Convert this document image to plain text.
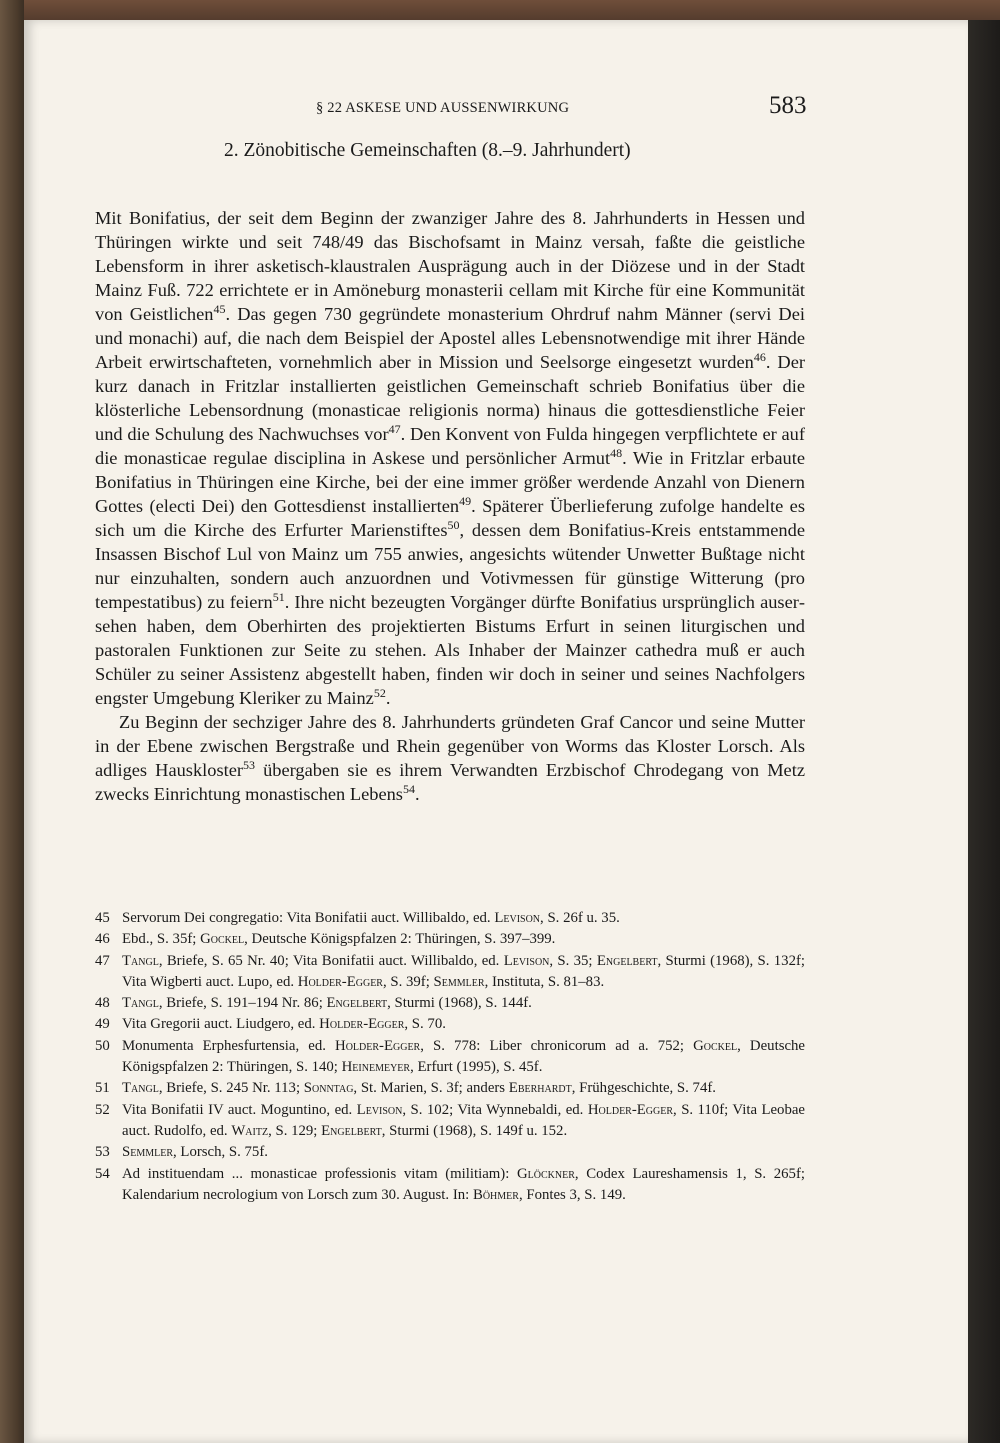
§ 22 ASKESE UND AUSSENWIRKUNG	583
2. Zönobitische Gemeinschaften (8.–9. Jahrhundert)

Mit Bonifatius, der seit dem Beginn der zwanziger Jahre des 8. Jahrhunderts in Hessen und Thüringen wirkte und seit 748/49 das Bischofsamt in Mainz versah, faßte die geistliche Lebensform in ihrer asketisch-klaustralen Ausprägung auch in der Diözese und in der Stadt Mainz Fuß. 722 errichtete er in Amöneburg monasterii cellam mit Kirche für eine Kommunität von Geistlichen$^{45}$. Das gegen 730 gegründete monasterium Ohrdruf nahm Männer (servi Dei und monachi) auf, die nach dem Beispiel der Apostel alles Lebensnotwendige mit ihrer Hände Arbeit erwirtschafteten, vornehmlich aber in Mission und Seelsorge eingesetzt wurden$^{46}$. Der kurz danach in Fritzlar installierten geistlichen Gemeinschaft schrieb Bonifatius über die klösterliche Lebensordnung (monasticae religionis norma) hinaus die gottesdienstliche Feier und die Schulung des Nachwuchses vor$^{47}$. Den Konvent von Fulda hingegen verpflichtete er auf die monasticae regulae disciplina in Askese und persönlicher Armut$^{48}$. Wie in Fritzlar erbaute Bonifatius in Thüringen eine Kirche, bei der eine immer größer werdende Anzahl von Dienern Gottes (electi Dei) den Gottesdienst installierten$^{49}$. Späterer Überlieferung zufolge handelte es sich um die Kirche des Erfurter Marienstiftes$^{50}$, dessen dem Bonifatius-Kreis entstammende Insassen Bischof Lul von Mainz um 755 anwies, angesichts wütender Unwetter Bußtage nicht nur einzuhalten, sondern auch anzuordnen und Votivmessen für günstige Witterung (pro tempestatibus) zu feiern$^{51}$. Ihre nicht bezeugten Vorgänger dürfte Bonifatius ursprünglich ausersehen haben, dem Oberhirten des projektierten Bistums Erfurt in seinen liturgischen und pastoralen Funktionen zur Seite zu stehen. Als Inhaber der Mainzer cathedra muß er auch Schüler zu seiner Assistenz abgestellt haben, finden wir doch in seiner und seines Nachfolgers engster Umgebung Kleriker zu Mainz$^{52}$.

Zu Beginn der sechziger Jahre des 8. Jahrhunderts gründeten Graf Cancor und seine Mutter in der Ebene zwischen Bergstraße und Rhein gegenüber von Worms das Kloster Lorsch. Als adliges Hauskloster$^{53}$ übergaben sie es ihrem Verwandten Erzbischof Chrodegang von Metz zwecks Einrichtung monastischen Lebens$^{54}$.

45 Servorum Dei congregatio: Vita Bonifatii auct. Willibaldo, ed. Levison, S. 26f u. 35.
46 Ebd., S. 35f; Gockel, Deutsche Königspfalzen 2: Thüringen, S. 397–399.
47 Tangl, Briefe, S. 65 Nr. 40; Vita Bonifatii auct. Willibaldo, ed. Levison, S. 35; Engelbert, Sturmi (1968), S. 132f; Vita Wigberti auct. Lupo, ed. Holder-Egger, S. 39f; Semmler, Instituta, S. 81–83.
48 Tangl, Briefe, S. 191–194 Nr. 86; Engelbert, Sturmi (1968), S. 144f.
49 Vita Gregorii auct. Liudgero, ed. Holder-Egger, S. 70.
50 Monumenta Erphesfurtensia, ed. Holder-Egger, S. 778: Liber chronicorum ad a. 752; Gockel, Deutsche Königspfalzen 2: Thüringen, S. 140; Heinemeyer, Erfurt (1995), S. 45f.
51 Tangl, Briefe, S. 245 Nr. 113; Sonntag, St. Marien, S. 3f; anders Eberhardt, Frühgeschichte, S. 74f.
52 Vita Bonifatii IV auct. Moguntino, ed. Levison, S. 102; Vita Wynnebaldi, ed. Holder-Egger, S. 110f; Vita Leobae auct. Rudolfo, ed. Waitz, S. 129; Engelbert, Sturmi (1968), S. 149f u. 152.
53 Semmler, Lorsch, S. 75f.
54 Ad instituendam ... monasticae professionis vitam (militiam): Glöckner, Codex Laureshamensis 1, S. 265f; Kalendarium necrologium von Lorsch zum 30. August. In: Böhmer, Fontes 3, S. 149.
